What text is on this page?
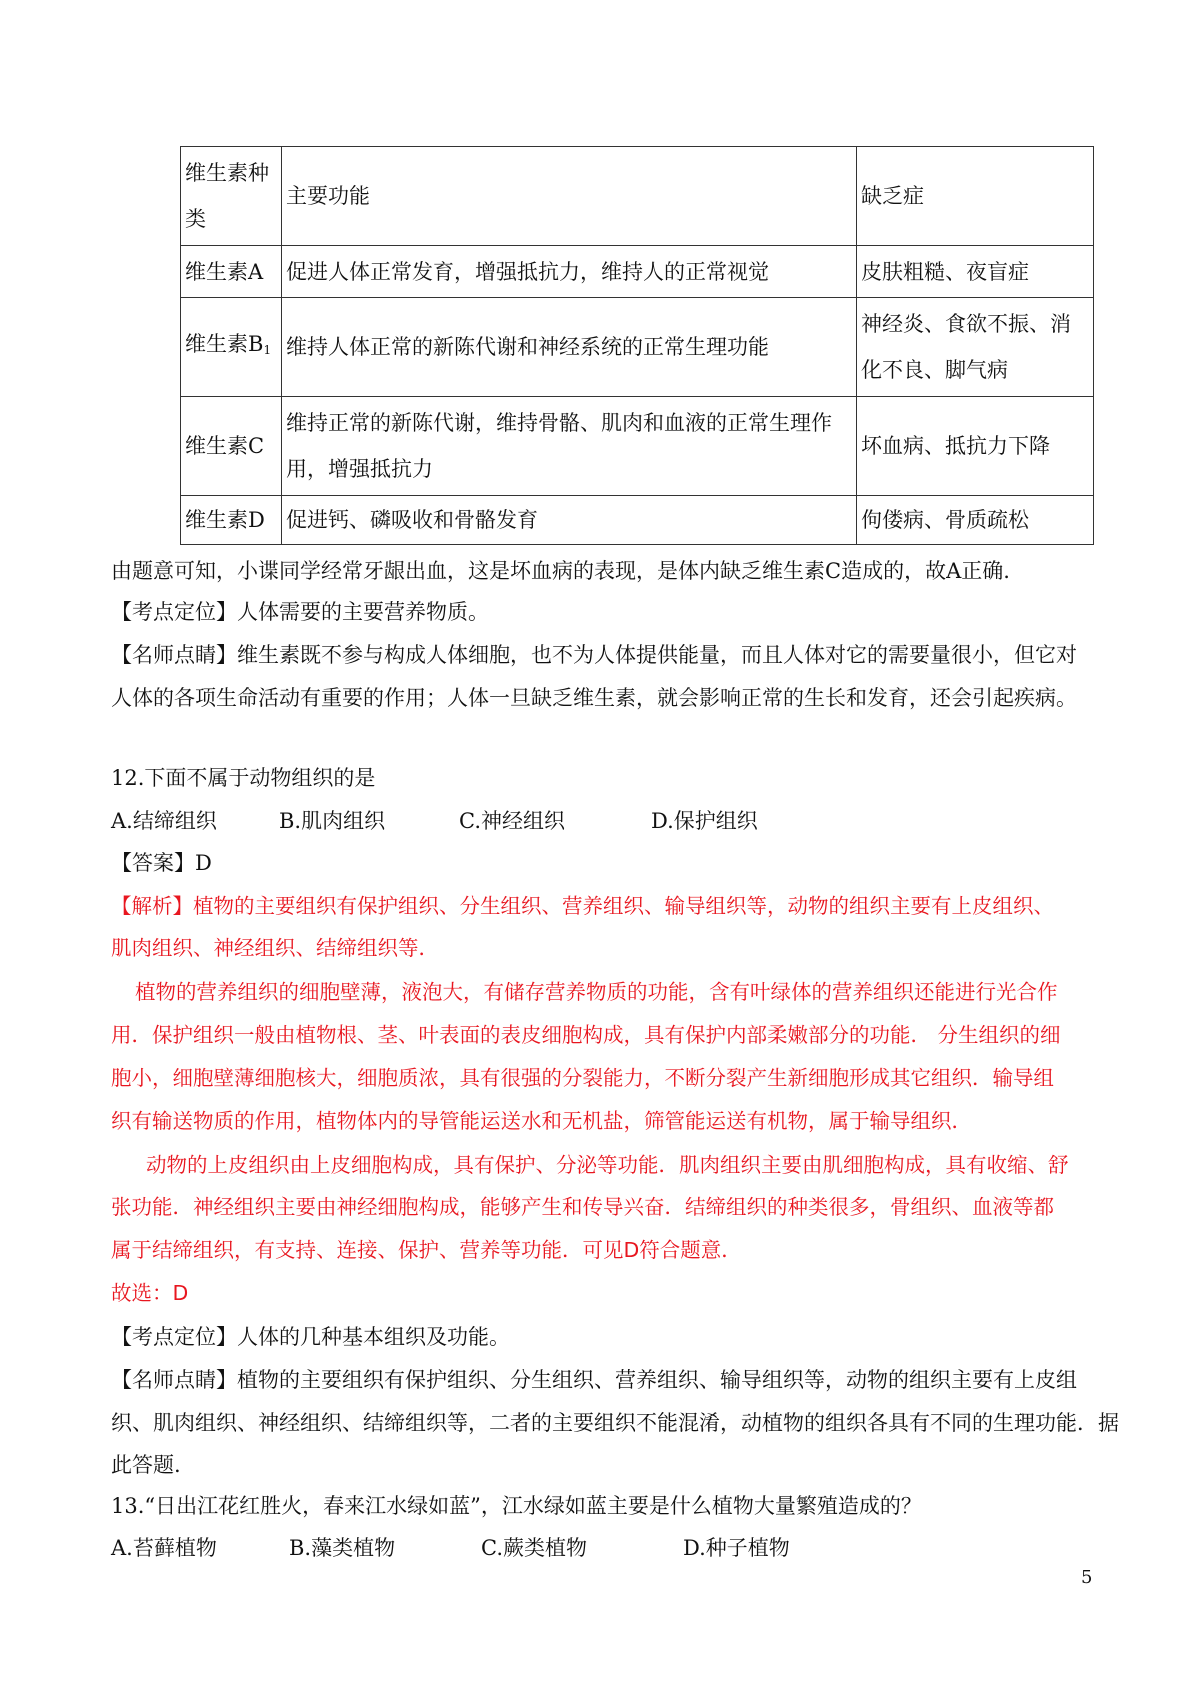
维生素种类	主要功能	缺乏症
维生素A	促进人体正常发育，增强抵抗力，维持人的正常视觉	皮肤粗糙、夜盲症
维生素$B_1$	维持人体正常的新陈代谢和神经系统的正常生理功能	神经炎、食欲不振、消化不良、脚气病
维生素C	维持正常的新陈代谢，维持骨骼、肌肉和血液的正常生理作用，增强抵抗力	坏血病、抵抗力下降
维生素D	促进钙、磷吸收和骨骼发育	佝偻病、骨质疏松
由题意可知，小谍同学经常牙龈出血，这是坏血病的表现，是体内缺乏维生素C造成的，故A正确.
【考点定位】人体需要的主要营养物质。
【名师点睛】维生素既不参与构成人体细胞，也不为人体提供能量，而且人体对它的需要量很小，但它对
人体的各项生命活动有重要的作用；人体一旦缺乏维生素，就会影响正常的生长和发育，还会引起疾病。
12.下面不属于动物组织的是
A.结缔组织	B.肌肉组织	C.神经组织	D.保护组织
【答案】D
【解析】植物的主要组织有保护组织、分生组织、营养组织、输导组织等，动物的组织主要有上皮组织、
肌肉组织、神经组织、结缔组织等．
植物的营养组织的细胞壁薄，液泡大，有储存营养物质的功能，含有叶绿体的营养组织还能进行光合作
用．保护组织一般由植物根、茎、叶表面的表皮细胞构成，具有保护内部柔嫩部分的功能． 分生组织的细
胞小，细胞壁薄细胞核大，细胞质浓，具有很强的分裂能力，不断分裂产生新细胞形成其它组织．输导组
织有输送物质的作用，植物体内的导管能运送水和无机盐，筛管能运送有机物，属于输导组织．
动物的上皮组织由上皮细胞构成，具有保护、分泌等功能．肌肉组织主要由肌细胞构成，具有收缩、舒
张功能．神经组织主要由神经细胞构成，能够产生和传导兴奋．结缔组织的种类很多，骨组织、血液等都
属于结缔组织，有支持、连接、保护、营养等功能．可见D符合题意．
故选：D
【考点定位】人体的几种基本组织及功能。
【名师点睛】植物的主要组织有保护组织、分生组织、营养组织、输导组织等，动物的组织主要有上皮组
织、肌肉组织、神经组织、结缔组织等，二者的主要组织不能混淆，动植物的组织各具有不同的生理功能．据
此答题.
13.“日出江花红胜火，春来江水绿如蓝”，江水绿如蓝主要是什么植物大量繁殖造成的？
A.苔藓植物	B.藻类植物	C.蕨类植物	D.种子植物
5
